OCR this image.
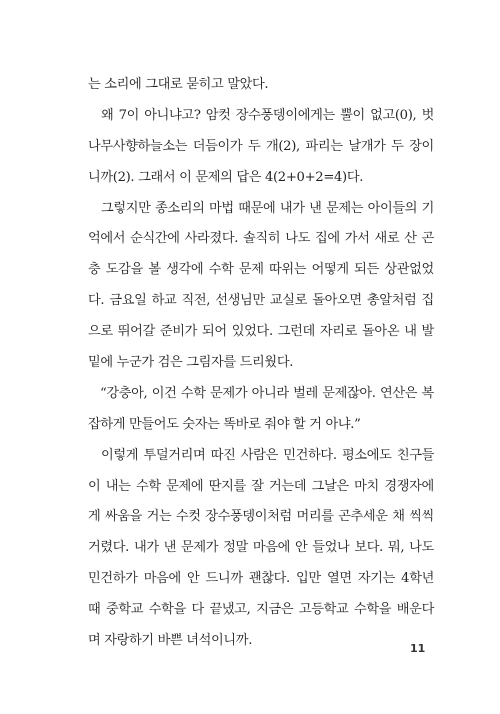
는 소리에 그대로 묻히고 말았다.
왜 7이 아니냐고? 암컷 장수풍뎅이에게는 뿔이 없고(0), 벗
나무사향하늘소는 더듬이가 두 개(2), 파리는 날개가 두 장이
니까(2). 그래서 이 문제의 답은 4(2+0+2=4)다.
그렇지만 종소리의 마법 때문에 내가 낸 문제는 아이들의 기
억에서 순식간에 사라졌다. 솔직히 나도 집에 가서 새로 산 곤
충 도감을 볼 생각에 수학 문제 따위는 어떻게 되든 상관없었
다. 금요일 하교 직전, 선생님만 교실로 돌아오면 총알처럼 집
으로 뛰어갈 준비가 되어 있었다. 그런데 자리로 돌아온 내 발
밑에 누군가 검은 그림자를 드리웠다.
“강충아, 이건 수학 문제가 아니라 벌레 문제잖아. 연산은 복
잡하게 만들어도 숫자는 똑바로 줘야 할 거 아냐.”
이렇게 투덜거리며 따진 사람은 민건하다. 평소에도 친구들
이 내는 수학 문제에 딴지를 잘 거는데 그날은 마치 경쟁자에
게 싸움을 거는 수컷 장수풍뎅이처럼 머리를 곤추세운 채 씩씩
거렸다. 내가 낸 문제가 정말 마음에 안 들었나 보다. 뭐, 나도
민건하가 마음에 안 드니까 괜찮다. 입만 열면 자기는 4학년
때 중학교 수학을 다 끝냈고, 지금은 고등학교 수학을 배운다
며 자랑하기 바쁜 녀석이니까.
11
